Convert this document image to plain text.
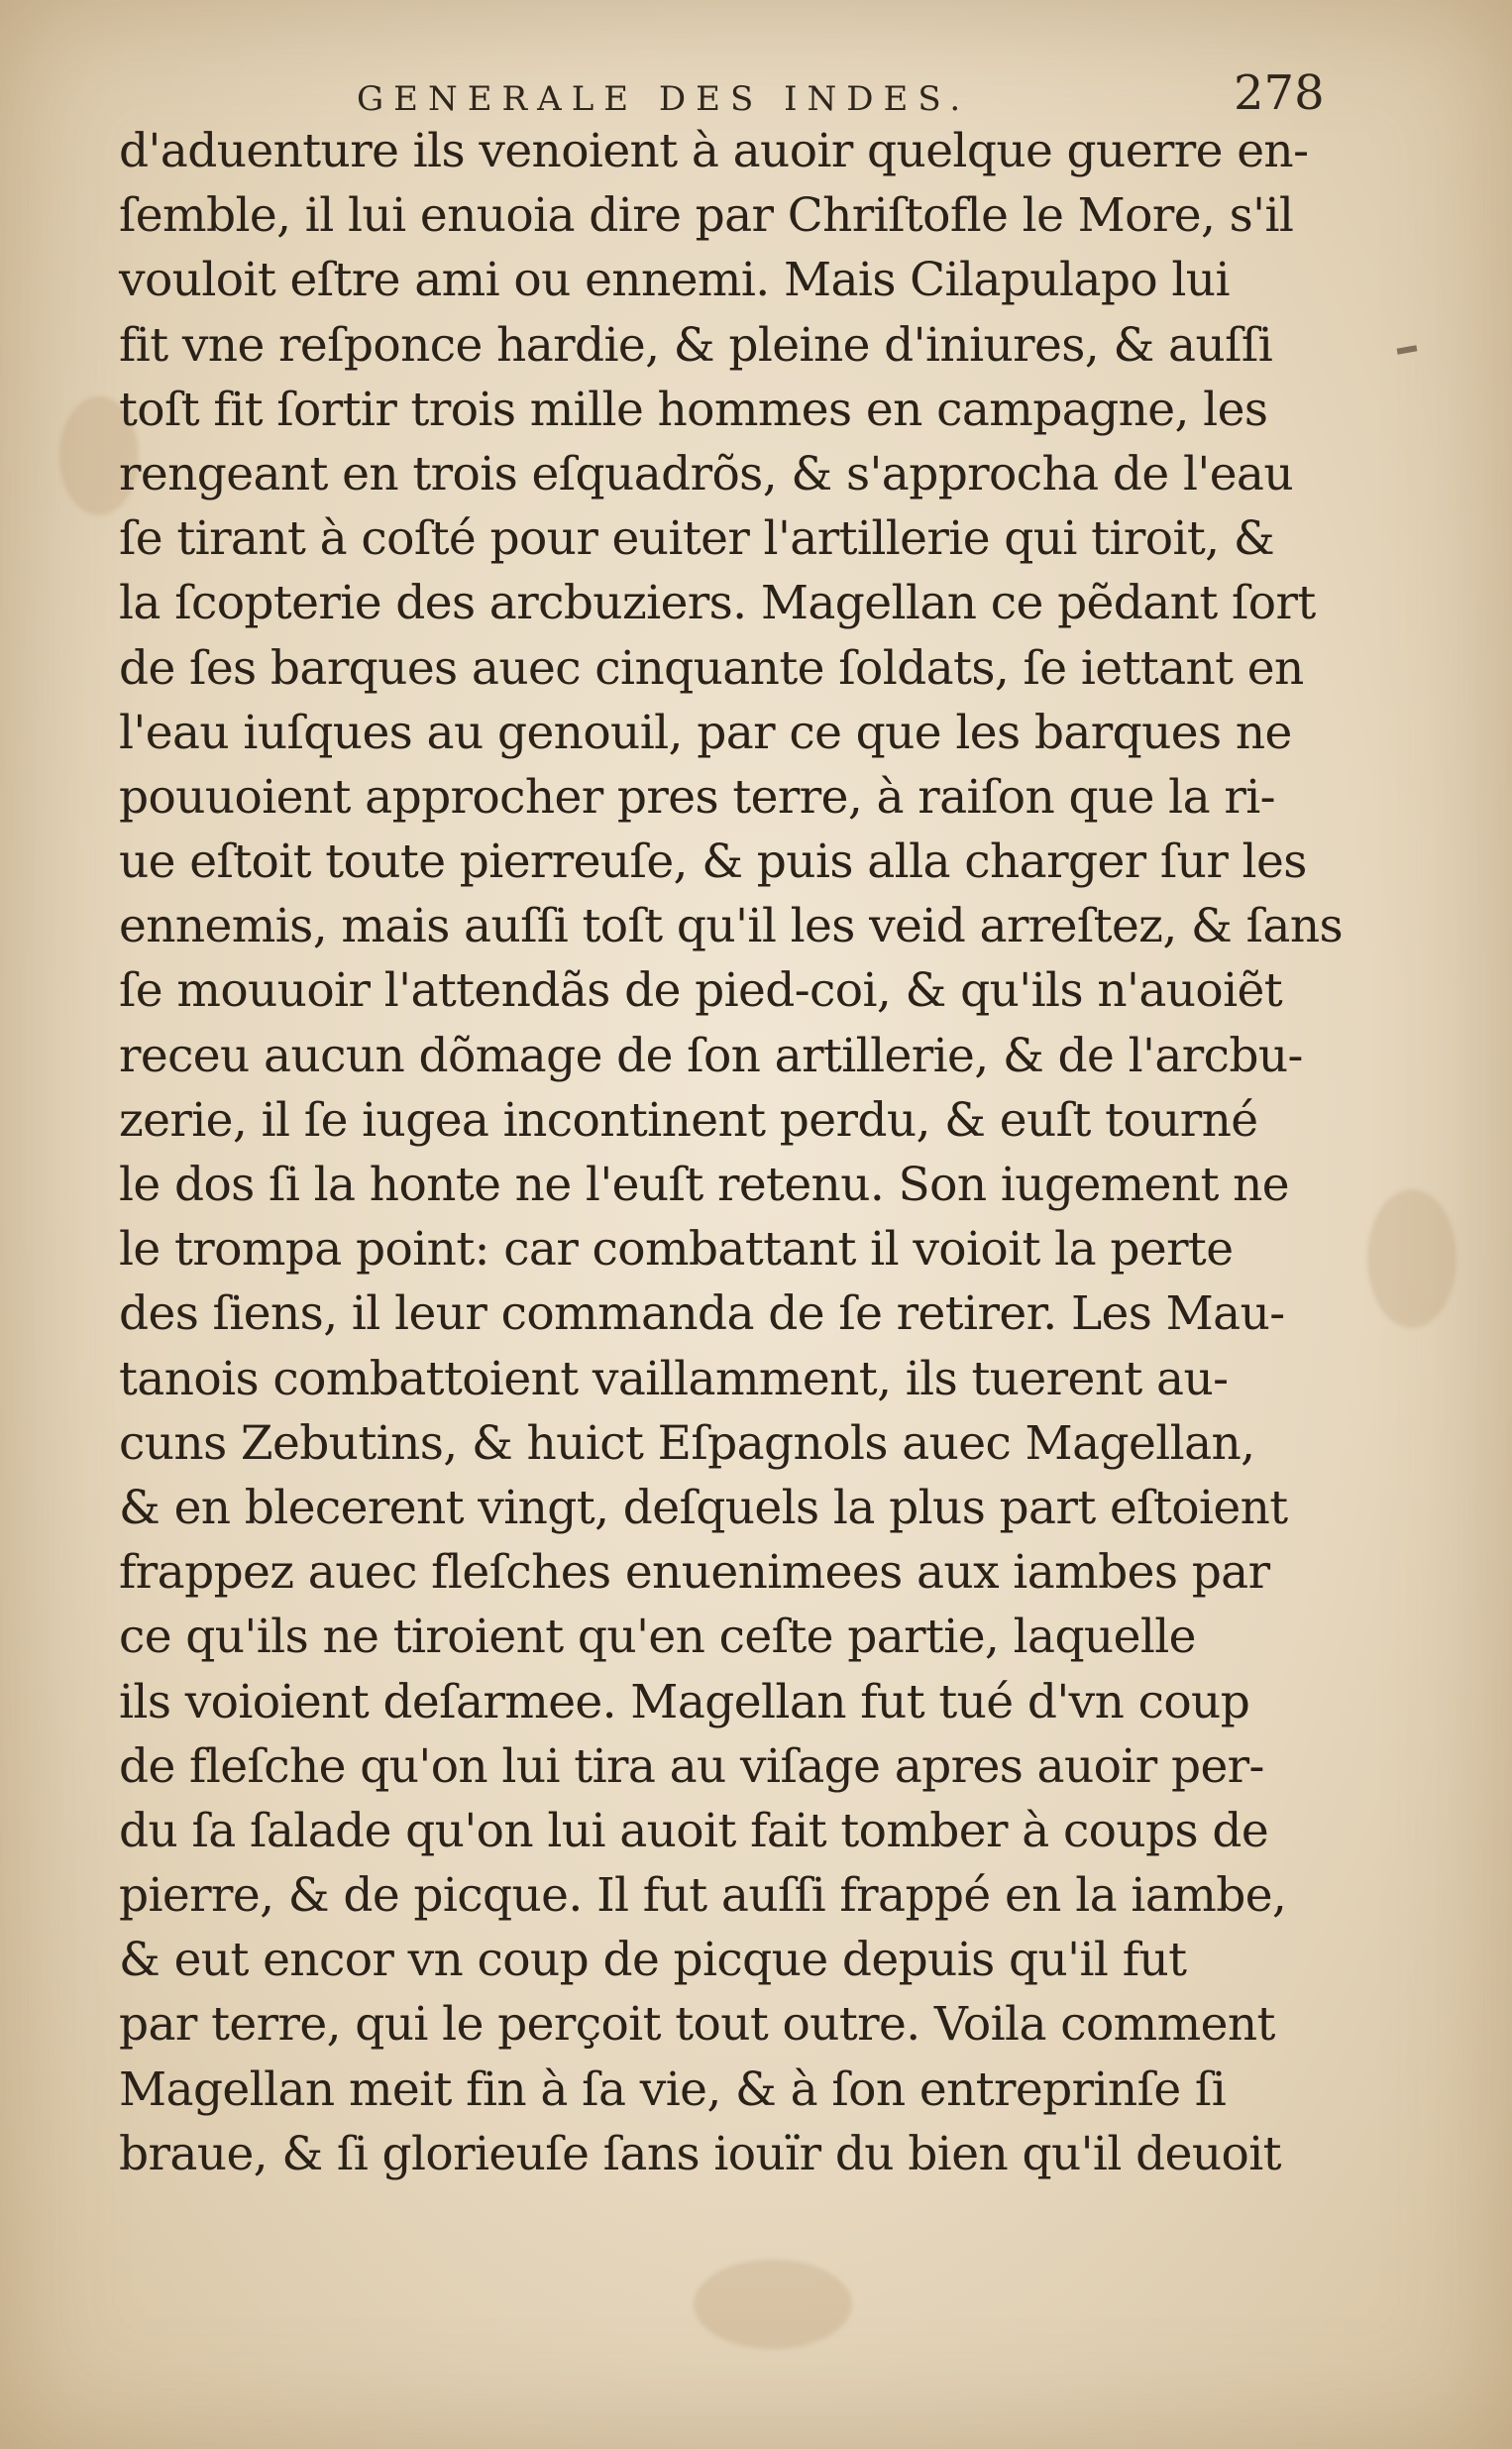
GENERALE DES INDES.	278
d'aduenture ils venoient à auoir quelque guerre en-
ſemble, il lui enuoia dire par Chriſtofle le More, s'il
vouloit eſtre ami ou ennemi. Mais Cilapulapo lui
fit vne reſponce hardie, & pleine d'iniures, & auſſi
toſt fit ſortir trois mille hommes en campagne, les
rengeant en trois eſquadrõs, & s'approcha de l'eau
ſe tirant à coſté pour euiter l'artillerie qui tiroit, &
la ſcopterie des arcbuziers. Magellan ce pẽdant ſort
de ſes barques auec cinquante ſoldats, ſe iettant en
l'eau iuſques au genouil, par ce que les barques ne
pouuoient approcher pres terre, à raiſon que la ri-
ue eſtoit toute pierreuſe, & puis alla charger ſur les
ennemis, mais auſſi toſt qu'il les veid arreſtez, & ſans
ſe mouuoir l'attendãs de pied-coi, & qu'ils n'auoiẽt
receu aucun dõmage de ſon artillerie, & de l'arcbu-
zerie, il ſe iugea incontinent perdu, & euſt tourné
le dos ſi la honte ne l'euſt retenu. Son iugement ne
le trompa point: car combattant il voioit la perte
des ſiens, il leur commanda de ſe retirer. Les Mau-
tanois combattoient vaillamment, ils tuerent au-
cuns Zebutins, & huict Eſpagnols auec Magellan,
& en blecerent vingt, deſquels la plus part eſtoient
frappez auec fleſches enuenimees aux iambes par
ce qu'ils ne tiroient qu'en ceſte partie, laquelle
ils voioient deſarmee. Magellan fut tué d'vn coup
de fleſche qu'on lui tira au viſage apres auoir per-
du ſa ſalade qu'on lui auoit fait tomber à coups de
pierre, & de picque. Il fut auſſi frappé en la iambe,
& eut encor vn coup de picque depuis qu'il fut
par terre, qui le perçoit tout outre. Voila comment
Magellan meit fin à ſa vie, & à ſon entreprinſe ſi
braue, & ſi glorieuſe ſans iouïr du bien qu'il deuoit
